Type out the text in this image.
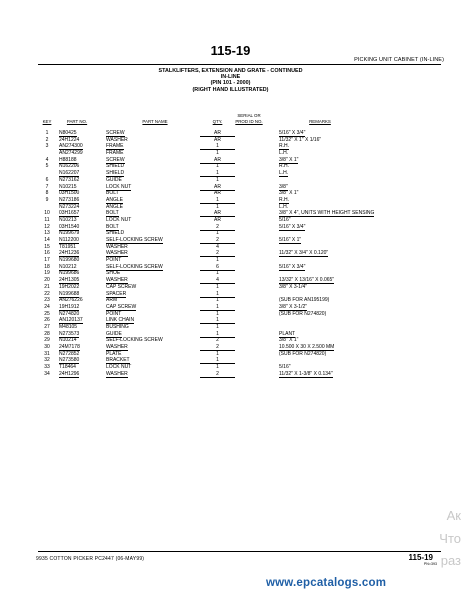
115-19
PICKING UNIT CABINET (IN-LINE)
STALKLIFTERS, EXTENSION AND GRATE - CONTINUED
IN-LINE
(PIN 101 - 2000)
(RIGHT HAND ILLUSTRATED)
KEY	PART NO.	PART NAME	QTY.
SERIAL OR
PROD ID NO.	REMARKS
1	N80425	SCREW	AR	5/16" X 3/4"
2	24H1224	WASHER	AR	11/32" X 1" X 1/16"
3	AN274300	FRAME	1	R.H.
AN274299	FRAME	1	L.H.
4	H88188	SCREW	AR	3/8" X 1"
5	N162206	SHIELD	1	R.H.
N162207	SHIELD	1	L.H.
6	N273162	GUIDE	1
7	N10215	LOCK NUT	AR	3/8"
8	03H1500	BOLT	AR	3/8" X 1"
9	N273186	ANGLE	1	R.H.
N273224	ANGLE	1	L.H.
10	03H1657	BOLT	AR	3/8" X 4", UNITS WITH HEIGHT SENSING
11	N10213	LOCK NUT	AR	5/16"
12	03H1540	BOLT	2	5/16" X 3/4"
13	N199679	SHIELD	1
14	N112200	SELF-LOCKING SCREW	2	5/16" X 1"
15	T81951	WASHER	4
16	24H1236	WASHER	2	11/32" X 3/4" X 0.120"
17	N199680	POINT	1
18	N10212	SELF-LOCKING SCREW	6	5/16" X 3/4"
19	N199686	SHOE	1
20	24H1305	WASHER	4	13/32" X 13/16" X 0.065"
21	19H2022	CAP SCREW	1	3/8" X 3-1/4"
22	N199688	SPACER	1
23	AN276226	ARM	1	(SUB FOR AN195199)
24	19H1912	CAP SCREW	1	3/8" X 3-1/2"
25	N274820	POINT	1	(SUB FOR N274820)
26	AN120137	LINK CHAIN	1
27	M48105	BUSHING	1
28	N273573	GUIDE	1	PLANT
29	N10214	SELF-LOCKING SCREW	2	3/8" X 1"
30	24M7178	WASHER	2	10.500 X 30 X 2.500 MM
31	N272852	PLATE	1	(SUB FOR N274820)
32	N273580	BRACKET	1
33	T18464	LOCK NUT	1	5/16"
34	24H1296	WASHER	2	11/32" X 1-3/8" X 0.134"
9935 COTTON PICKER PC2447 (06-MAY99)	115-19
PN=393
Ак
Что
раз
www.epcatalogs.com
